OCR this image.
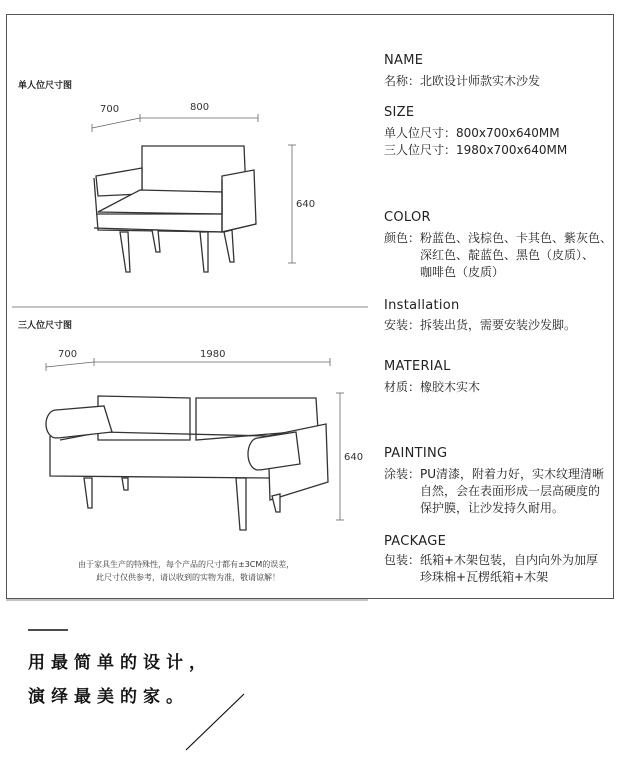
单人位尺寸图
700	800
640
三人位尺寸图
700	1980
640
由于家具生产的特殊性，每个产品的尺寸都有±3CM的误差，
此尺寸仅供参考，请以收到的实物为准，敬请谅解！
NAME
名称：北欧设计师款实木沙发
SIZE
单人位尺寸：800x700x640MM
三人位尺寸：1980x700x640MM
COLOR
颜色：粉蓝色、浅棕色、卡其色、紫灰色、
深红色、靛蓝色、黑色（皮质）、
咖啡色（皮质）
Installation
安装：拆装出货，需要安装沙发脚。
MATERIAL
材质：橡胶木实木
PAINTING
涂装：PU清漆，附着力好，实木纹理清晰
自然，会在表面形成一层高硬度的
保护膜，让沙发持久耐用。
PACKAGE
包装：纸箱+木架包装，自内向外为加厚
珍珠棉+瓦楞纸箱+木架
用最简单的设计，
演绎最美的家。
